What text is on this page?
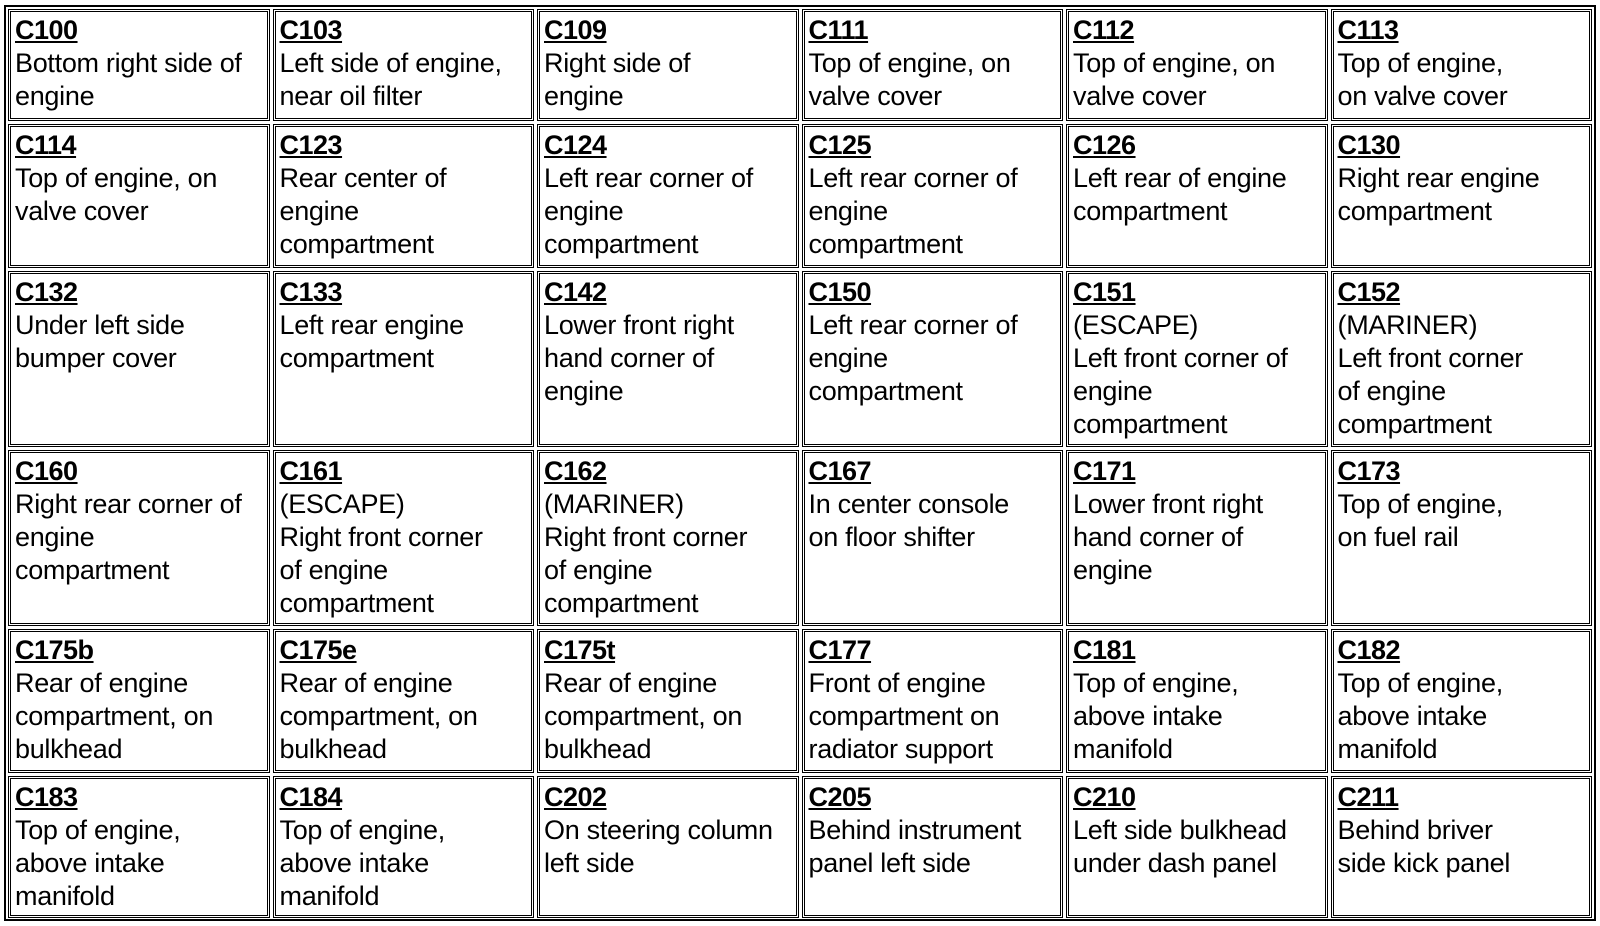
C100
Bottom right side of
engine
C103
Left side of engine,
near oil filter
C109
Right side of
engine
C111
Top of engine, on
valve cover
C112
Top of engine, on
valve cover
C113
Top of engine,
on valve cover
C114
Top of engine, on
valve cover
C123
Rear center of
engine
compartment
C124
Left rear corner of
engine
compartment
C125
Left rear corner of
engine
compartment
C126
Left rear of engine
compartment
C130
Right rear engine
compartment
C132
Under left side
bumper cover
C133
Left rear engine
compartment
C142
Lower front right
hand corner of
engine
C150
Left rear corner of
engine
compartment
C151
(ESCAPE)
Left front corner of
engine
compartment
C152
(MARINER)
Left front corner
of engine
compartment
C160
Right rear corner of
engine
compartment
C161
(ESCAPE)
Right front corner
of engine
compartment
C162
(MARINER)
Right front corner
of engine
compartment
C167
In center console
on floor shifter
C171
Lower front right
hand corner of
engine
C173
Top of engine,
on fuel rail
C175b
Rear of engine
compartment, on
bulkhead
C175e
Rear of engine
compartment, on
bulkhead
C175t
Rear of engine
compartment, on
bulkhead
C177
Front of engine
compartment on
radiator support
C181
Top of engine,
above intake
manifold
C182
Top of engine,
above intake
manifold
C183
Top of engine,
above intake
manifold
C184
Top of engine,
above intake
manifold
C202
On steering column
left side
C205
Behind instrument
panel left side
C210
Left side bulkhead
under dash panel
C211
Behind briver
side kick panel
